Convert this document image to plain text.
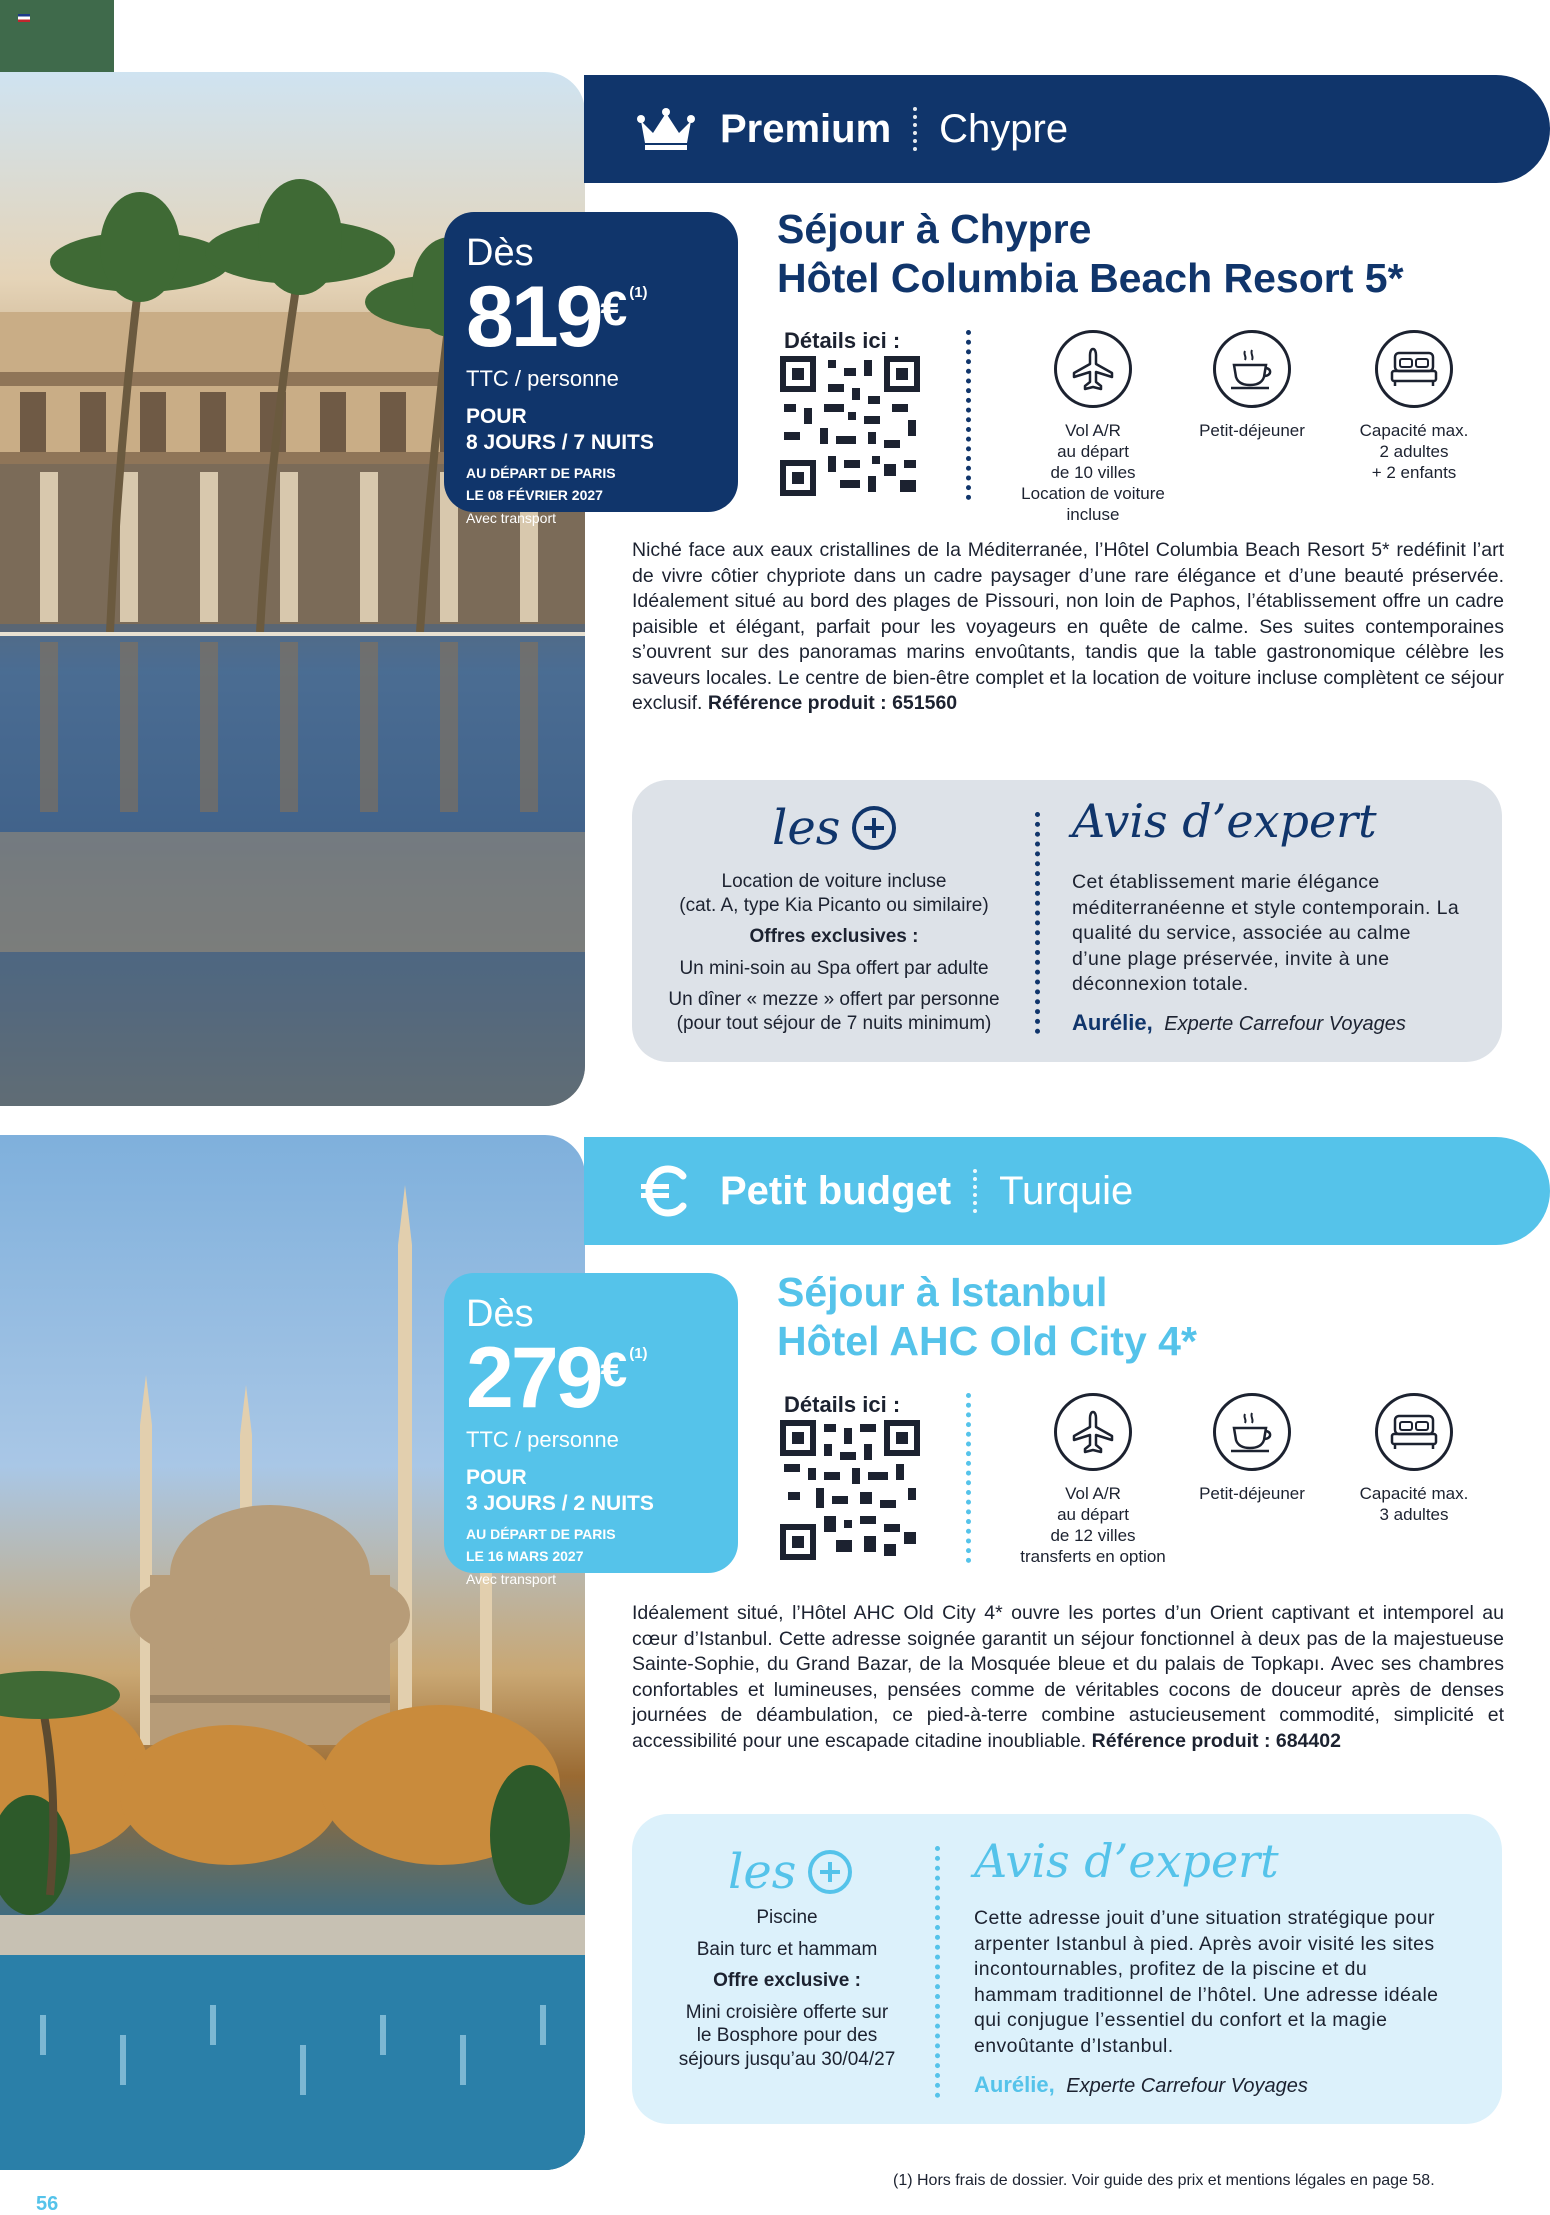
Premium Chypre
Dès
819 € (1)
TTC / personne
POUR
8 JOURS / 7 NUITS
AU DÉPART DE PARIS
LE 08 FÉVRIER 2027
Avec transport
Séjour à Chypre
Hôtel Columbia Beach Resort 5*
Détails ici :
Vol A/R
au départ
de 10 villes
Location de voiture
incluse
Petit-déjeuner	Capacité max.
2 adultes
+ 2 enfants
Niché face aux eaux cristallines de la Méditerranée, l’Hôtel Columbia Beach Resort 5* redéfinit l’art de vivre côtier chypriote dans un cadre paysager d’une rare élégance et d’une beauté préservée. Idéalement situé au bord des plages de Pissouri, non loin de Paphos, l’établissement offre un cadre paisible et élégant, parfait pour les voyageurs en quête de calme. Ses suites contemporaines s’ouvrent sur des panoramas marins envoûtants, tandis que la table gastronomique célèbre les saveurs locales. Le centre de bien-être complet et la location de voiture incluse complètent ce séjour exclusif. Référence produit : 651560
les
Location de voiture incluse
(cat. A, type Kia Picanto ou similaire)
Offres exclusives :
Un mini-soin au Spa offert par adulte
Un dîner « mezze » offert par personne
(pour tout séjour de 7 nuits minimum)
Avis d’expert
Cet établissement marie élégance méditerranéenne et style contemporain. La qualité du service, associée au calme d’une plage préservée, invite à une déconnexion totale.
Aurélie, Experte Carrefour Voyages
Petit budget Turquie
Dès
279 € (1)
TTC / personne
POUR
3 JOURS / 2 NUITS
AU DÉPART DE PARIS
LE 16 MARS 2027
Avec transport
Séjour à Istanbul
Hôtel AHC Old City 4*
Détails ici :
Vol A/R
au départ
de 12 villes
transferts en option
Petit-déjeuner	Capacité max.
3 adultes
Idéalement situé, l’Hôtel AHC Old City 4* ouvre les portes d’un Orient captivant et intemporel au cœur d’Istanbul. Cette adresse soignée garantit un séjour fonctionnel à deux pas de la majestueuse Sainte-Sophie, du Grand Bazar, de la Mosquée bleue et du palais de Topkapı. Avec ses chambres confortables et lumineuses, pensées comme de véritables cocons de douceur après de denses journées de déambulation, ce pied-à-terre combine astucieusement commodité, simplicité et accessibilité pour une escapade citadine inoubliable. Référence produit : 684402
les
Piscine
Bain turc et hammam
Offre exclusive :
Mini croisière offerte sur
le Bosphore pour des
séjours jusqu’au 30/04/27
Avis d’expert
Cette adresse jouit d’une situation stratégique pour arpenter Istanbul à pied. Après avoir visité les sites incontournables, profitez de la piscine et du hammam traditionnel de l’hôtel. Une adresse idéale qui conjugue l’essentiel du confort et la magie envoûtante d’Istanbul.
Aurélie, Experte Carrefour Voyages
(1) Hors frais de dossier. Voir guide des prix et mentions légales en page 58.
56
